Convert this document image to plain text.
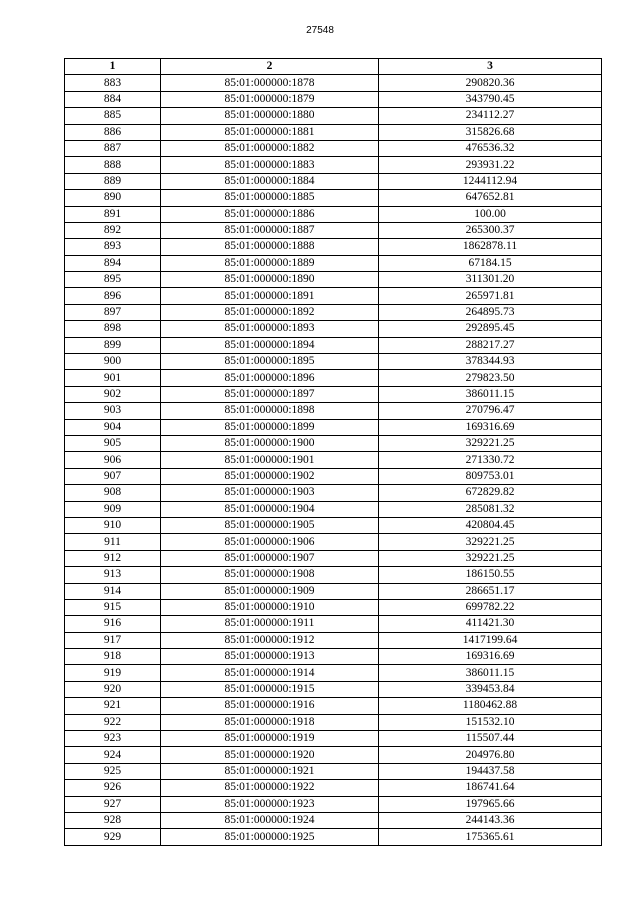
27548
1	2	3
883	85:01:000000:1878	290820.36
884	85:01:000000:1879	343790.45
885	85:01:000000:1880	234112.27
886	85:01:000000:1881	315826.68
887	85:01:000000:1882	476536.32
888	85:01:000000:1883	293931.22
889	85:01:000000:1884	1244112.94
890	85:01:000000:1885	647652.81
891	85:01:000000:1886	100.00
892	85:01:000000:1887	265300.37
893	85:01:000000:1888	1862878.11
894	85:01:000000:1889	67184.15
895	85:01:000000:1890	311301.20
896	85:01:000000:1891	265971.81
897	85:01:000000:1892	264895.73
898	85:01:000000:1893	292895.45
899	85:01:000000:1894	288217.27
900	85:01:000000:1895	378344.93
901	85:01:000000:1896	279823.50
902	85:01:000000:1897	386011.15
903	85:01:000000:1898	270796.47
904	85:01:000000:1899	169316.69
905	85:01:000000:1900	329221.25
906	85:01:000000:1901	271330.72
907	85:01:000000:1902	809753.01
908	85:01:000000:1903	672829.82
909	85:01:000000:1904	285081.32
910	85:01:000000:1905	420804.45
911	85:01:000000:1906	329221.25
912	85:01:000000:1907	329221.25
913	85:01:000000:1908	186150.55
914	85:01:000000:1909	286651.17
915	85:01:000000:1910	699782.22
916	85:01:000000:1911	411421.30
917	85:01:000000:1912	1417199.64
918	85:01:000000:1913	169316.69
919	85:01:000000:1914	386011.15
920	85:01:000000:1915	339453.84
921	85:01:000000:1916	1180462.88
922	85:01:000000:1918	151532.10
923	85:01:000000:1919	115507.44
924	85:01:000000:1920	204976.80
925	85:01:000000:1921	194437.58
926	85:01:000000:1922	186741.64
927	85:01:000000:1923	197965.66
928	85:01:000000:1924	244143.36
929	85:01:000000:1925	175365.61
